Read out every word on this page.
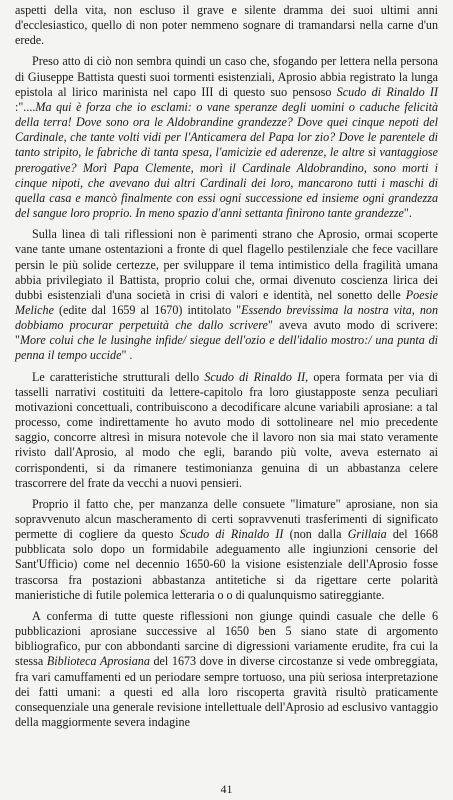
aspetti della vita, non escluso il grave e silente dramma dei suoi ultimi anni d'ecclesiastico, quello di non poter nemmeno sognare di tramandarsi nella carne d'un erede.

Preso atto di ciò non sembra quindi un caso che, sfogando per lettera nella persona di Giuseppe Battista questi suoi tormenti esistenziali, Aprosio abbia registrato la lunga epistola al lirico marinista nel capo III di questo suo pensoso Scudo di Rinaldo II :"....Ma qui è forza che io esclami: o vane speranze degli uomini o caduche felicità della terra! Dove sono ora le Aldobrandine grandezze? Dove quei cinque nepoti del Cardinale, che tante volti vidi per l'Anticamera del Papa lor zio? Dove le parentele di tanto stripito, le fabriche di tanta spesa, l'amicizie ed aderenze, le altre sì vantaggiose prerogative? Morì Papa Clemente, morì il Cardinale Aldobrandino, sono morti i cinque nipoti, che avevano dui altri Cardinali dei loro, mancarono tutti i maschi di quella casa e mancò finalmente con essi ogni successione ed insieme ogni grandezza del sangue loro proprio. In meno spazio d'anni settanta finirono tante grandezze".

Sulla linea di tali riflessioni non è parimenti strano che Aprosio, ormai scoperte vane tante umane ostentazioni a fronte di quel flagello pestilenziale che fece vacillare persin le più solide certezze, per sviluppare il tema intimistico della fragilità umana abbia privilegiato il Battista, proprio colui che, ormai divenuto coscienza lirica dei dubbi esistenziali d'una società in crisi di valori e identità, nel sonetto delle Poesie Meliche (edite dal 1659 al 1670) intitolato "Essendo brevissima la nostra vita, non dobbiamo procurar perpetuità che dallo scrivere" aveva avuto modo di scrivere: "More colui che le lusinghe infide/ siegue dell'ozio e dell'idalio mostro:/ una punta di penna il tempo uccide" .

Le caratteristiche strutturali dello Scudo di Rinaldo II, opera formata per via di tasselli narrativi costituiti da lettere-capitolo fra loro giustapposte senza peculiari motivazioni concettuali, contribuiscono a decodificare alcune variabili aprosiane: a tal processo, come indirettamente ho avuto modo di sottolineare nel mio precedente saggio, concorre altresì in misura notevole che il lavoro non sia mai stato veramente rivisto dall'Aprosio, al modo che egli, barando più volte, aveva esternato ai corrispondenti, si da rimanere testimonianza genuina di un abbastanza celere trascorrere del frate da vecchi a nuovi pensieri.

Proprio il fatto che, per manzanza delle consuete "limature" aprosiane, non sia sopravvenuto alcun mascheramento di certi sopravvenuti trasferimenti di significato permette di cogliere da questo Scudo di Rinaldo II (non dalla Grillaia del 1668 pubblicata solo dopo un formidabile adeguamento alle ingiunzioni censorie del Sant'Ufficio) come nel decennio 1650-60 la visione esistenziale dell'Aprosio fosse trascorsa fra postazioni abbastanza antitetiche si da rigettare certe polarità manieristiche di futile polemica letteraria o o di qualunquismo satireggiante.

A conferma di tutte queste riflessioni non giunge quindi casuale che delle 6 pubblicazioni aprosiane successive al 1650 ben 5 siano state di argomento bibliografico, pur con abbondanti sarcine di digressioni variamente erudite, fra cui la stessa Biblioteca Aprosiana del 1673 dove in diverse circostanze si vede ombreggiata, fra vari camuffamenti ed un periodare sempre tortuoso, una più seriosa interpretazione dei fatti umani: a questi ed alla loro riscoperta gravità risultò praticamente consequenziale una generale revisione intellettuale dell'Aprosio ad esclusivo vantaggio della maggiormente severa indagine

41
